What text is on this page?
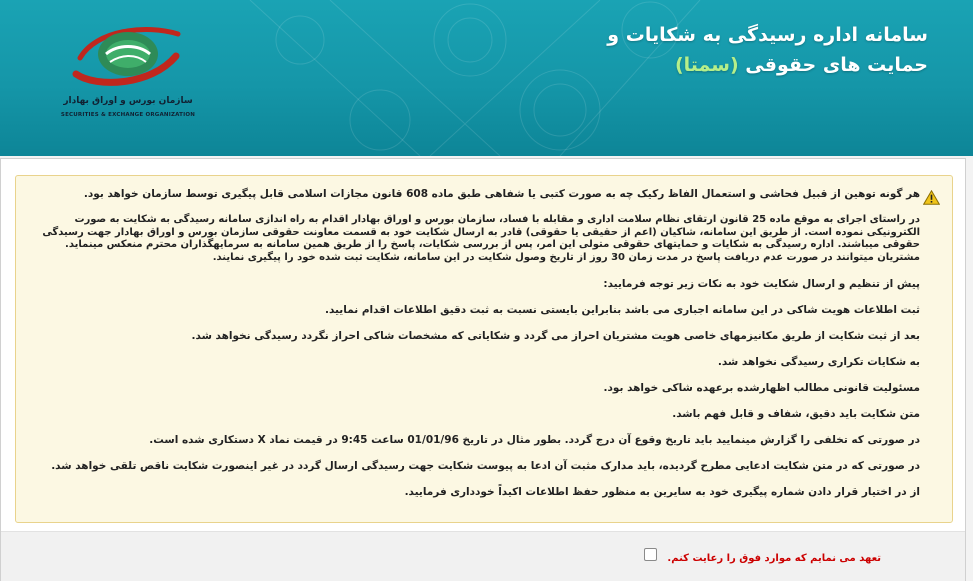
سازمان بورس و اوراق بهادار
SECURITIES & EXCHANGE ORGANIZATION
سامانه اداره رسیدگی به شکایات و
حمایت های حقوقی (سمتا)
هر گونه توهین از قبیل فحاشی و استعمال الفاظ رکیک چه به صورت کتبی یا شفاهی طبق ماده 608 قانون مجازات اسلامی قابل پیگیری توسط سازمان خواهد بود.
در راستای اجرای به موقع ماده 25 قانون ارتقای نظام سلامت اداری و مقابله با فساد، سازمان بورس و اوراق بهادار اقدام به راه اندازی سامانه رسیدگی به شکایت به صورت الکترونیکی نموده است. از طریق این سامانه، شاکیان (اعم از حقیقی یا حقوقی) قادر به ارسال شکایت خود به قسمت معاونت حقوقی سازمان بورس و اوراق بهادار جهت رسیدگی حقوقی میباشند. اداره رسیدگی به شکایات و حمایتهای حقوقی متولی این امر، پس از بررسی شکایات، پاسخ را از طریق همین سامانه به سرمایهگذاران محترم منعکس مینماید. مشتریان میتوانند در صورت عدم دریافت پاسخ در مدت زمان 30 روز از تاریخ وصول شکایت در این سامانه، شکایت ثبت شده خود را پیگیری نمایند.
پیش از تنظیم و ارسال شکایت خود به نکات زیر توجه فرمایید:
ثبت اطلاعات هویت شاکی در این سامانه اجباری می باشد بنابراین بایستی نسبت به ثبت دقیق اطلاعات اقدام نمایید.
بعد از ثبت شکایت از طریق مکانیزمهای خاصی هویت مشتریان احراز می گردد و شکایاتی که مشخصات شاکی احراز نگردد رسیدگی نخواهد شد.
به شکایات تکراری رسیدگی نخواهد شد.
مسئولیت قانونی مطالب اظهارشده برعهده شاکی خواهد بود.
متن شکایت باید دقیق، شفاف و قابل فهم باشد.
در صورتی که تخلفی را گزارش مینمایید باید تاریخ وقوع آن درج گردد. بطور مثال در تاریخ 01/01/96 ساعت 9:45 در قیمت نماد X دستکاری شده است.
در صورتی که در متن شکایت ادعایی مطرح گردیده، باید مدارک مثبت آن ادعا به پیوست شکایت جهت رسیدگی ارسال گردد در غیر اینصورت شکایت ناقص تلقی خواهد شد.
از در اختیار قرار دادن شماره پیگیری خود به سایرین به منظور حفظ اطلاعات اکیداً خودداری فرمایید.
تعهد می نمایم که موارد فوق را رعایت کنم.
